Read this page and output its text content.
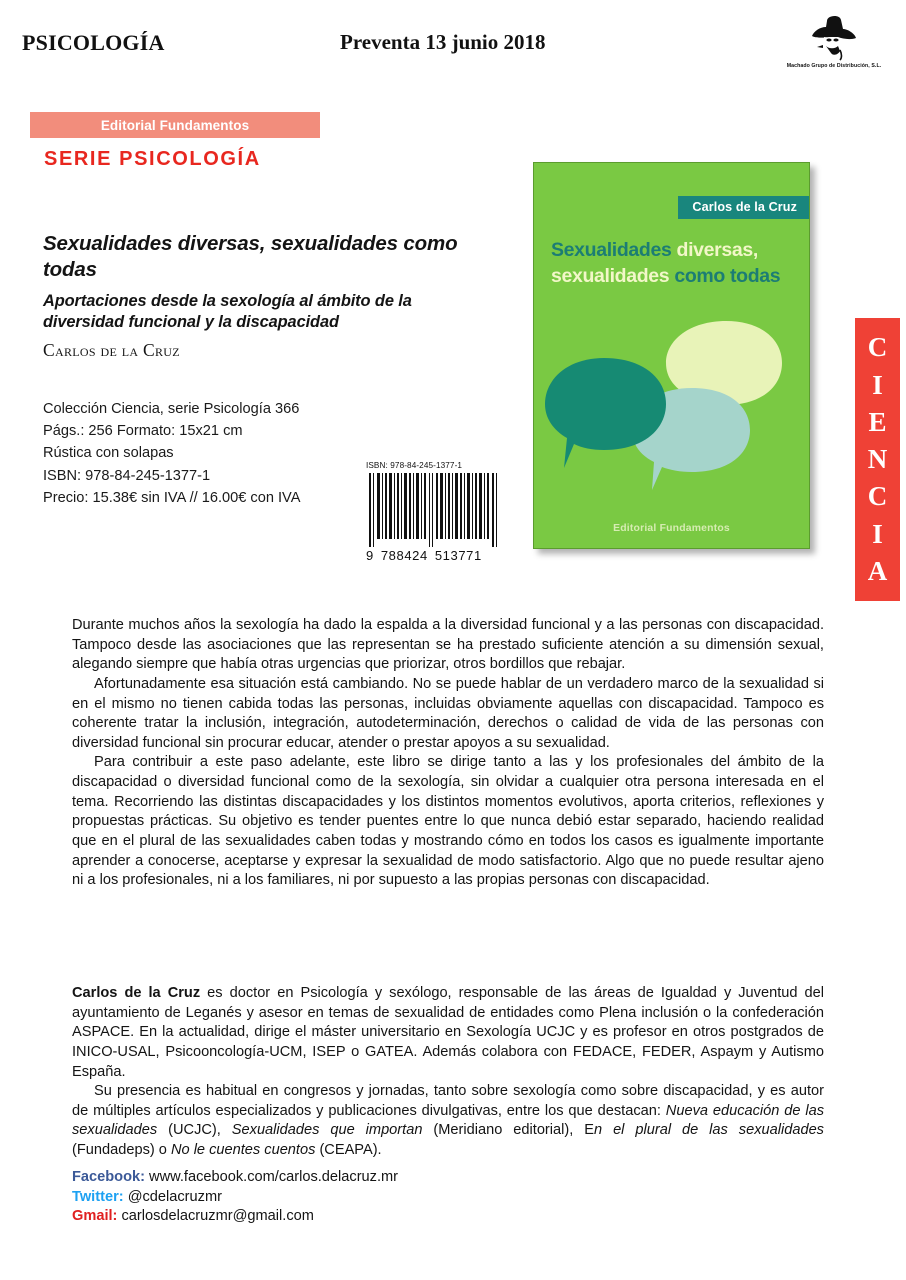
PSICOLOGÍA	Preventa 13 junio 2018
Machado Grupo de Distribución, S.L.
Editorial Fundamentos
SERIE PSICOLOGÍA
Sexualidades diversas, sexualidades como todas
Aportaciones desde la sexología al ámbito de la diversidad funcional y la discapacidad
Carlos de la Cruz
Colección Ciencia, serie Psicología 366
Págs.: 256 Formato: 15x21 cm
Rústica con solapas
ISBN: 978-84-245-1377-1
Precio: 15.38€ sin IVA // 16.00€ con IVA
ISBN: 978-84-245-1377-1
9 788424 513771
Carlos de la Cruz
Sexualidades diversas,
sexualidades como todas
Editorial Fundamentos
C
I
E
N
C
I
A

Durante muchos años la sexología ha dado la espalda a la diversidad funcional y a las personas con discapacidad. Tampoco desde las asociaciones que las representan se ha prestado suficiente atención a su dimensión sexual, alegando siempre que había otras urgencias que priorizar, otros bordillos que rebajar.

Afortunadamente esa situación está cambiando. No se puede hablar de un verdadero marco de la sexualidad si en el mismo no tienen cabida todas las personas, incluidas obviamente aquellas con discapacidad. Tampoco es coherente tratar la inclusión, integración, autodeterminación, derechos o calidad de vida de las personas con diversidad funcional sin procurar educar, atender o prestar apoyos a su sexualidad.

Para contribuir a este paso adelante, este libro se dirige tanto a las y los profesionales del ámbito de la discapacidad o diversidad funcional como de la sexología, sin olvidar a cualquier otra persona interesada en el tema. Recorriendo las distintas discapacidades y los distintos momentos evolutivos, aporta criterios, reflexiones y propuestas prácticas. Su objetivo es tender puentes entre lo que nunca debió estar separado, haciendo realidad que en el plural de las sexualidades caben todas y mostrando cómo en todos los casos es igualmente importante aprender a conocerse, aceptarse y expresar la sexualidad de modo satisfactorio. Algo que no puede resultar ajeno ni a los profesionales, ni a los familiares, ni por supuesto a las propias personas con discapacidad.

Carlos de la Cruz es doctor en Psicología y sexólogo, responsable de las áreas de Igualdad y Juventud del ayuntamiento de Leganés y asesor en temas de sexualidad de entidades como Plena inclusión o la confederación ASPACE. En la actualidad, dirige el máster universitario en Sexología UCJC y es profesor en otros postgrados de INICO-USAL, Psicooncología-UCM, ISEP o GATEA. Además colabora con FEDACE, FEDER, Aspaym y Autismo España.

Su presencia es habitual en congresos y jornadas, tanto sobre sexología como sobre discapacidad, y es autor de múltiples artículos especializados y publicaciones divulgativas, entre los que destacan: Nueva educación de las sexualidades (UCJC), Sexualidades que importan (Meridiano editorial), En el plural de las sexualidades (Fundadeps) o No le cuentes cuentos (CEAPA).

Facebook: www.facebook.com/carlos.delacruz.mr
Twitter: @cdelacruzmr
Gmail: carlosdelacruzmr@gmail.com
